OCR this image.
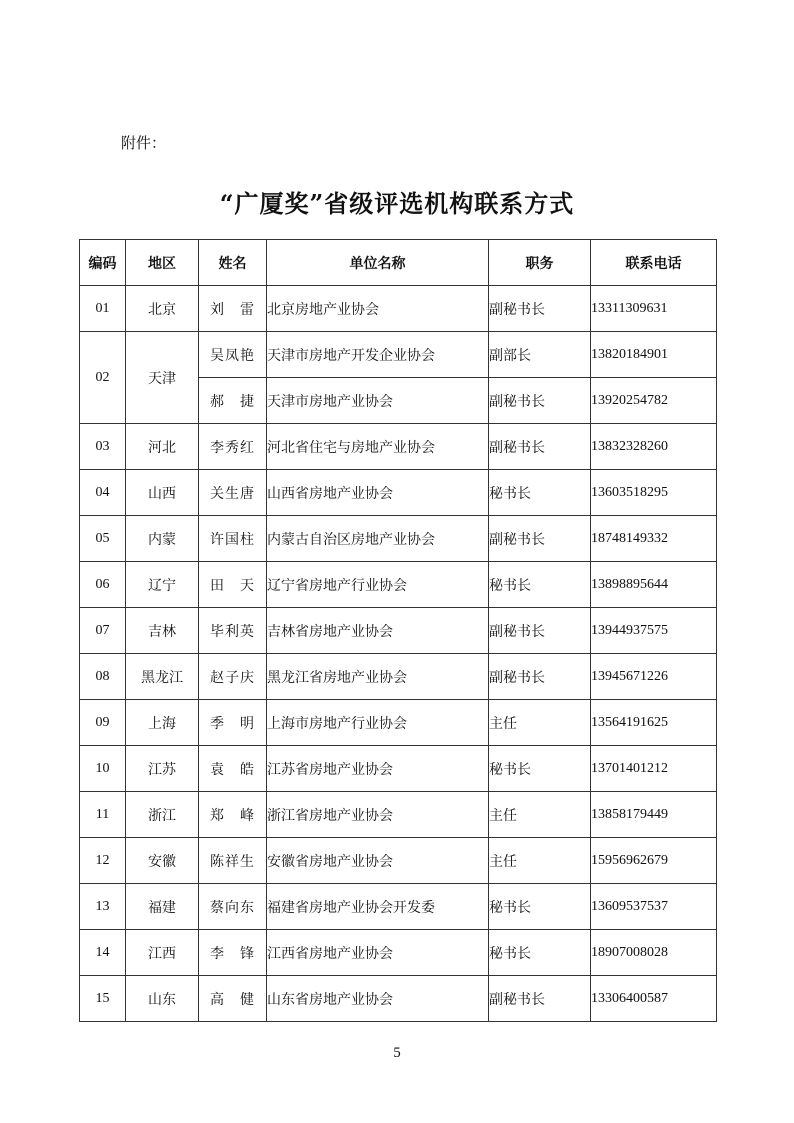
附件：
“广厦奖”省级评选机构联系方式
编码	地区	姓名	单位名称	职务	联系电话
01	北京	刘　雷	北京房地产业协会	副秘书长	13311309631
02	天津	吴凤艳	天津市房地产开发企业协会	副部长	13820184901
		郝　捷	天津市房地产业协会	副秘书长	13920254782
03	河北	李秀红	河北省住宅与房地产业协会	副秘书长	13832328260
04	山西	关生唐	山西省房地产业协会	秘书长	13603518295
05	内蒙	许国柱	内蒙古自治区房地产业协会	副秘书长	18748149332
06	辽宁	田　天	辽宁省房地产行业协会	秘书长	13898895644
07	吉林	毕利英	吉林省房地产业协会	副秘书长	13944937575
08	黑龙江	赵子庆	黑龙江省房地产业协会	副秘书长	13945671226
09	上海	季　明	上海市房地产行业协会	主任	13564191625
10	江苏	袁　皓	江苏省房地产业协会	秘书长	13701401212
11	浙江	郑　峰	浙江省房地产业协会	主任	13858179449
12	安徽	陈祥生	安徽省房地产业协会	主任	15956962679
13	福建	蔡向东	福建省房地产业协会开发委	秘书长	13609537537
14	江西	李　锋	江西省房地产业协会	秘书长	18907008028
15	山东	高　健	山东省房地产业协会	副秘书长	13306400587
5
